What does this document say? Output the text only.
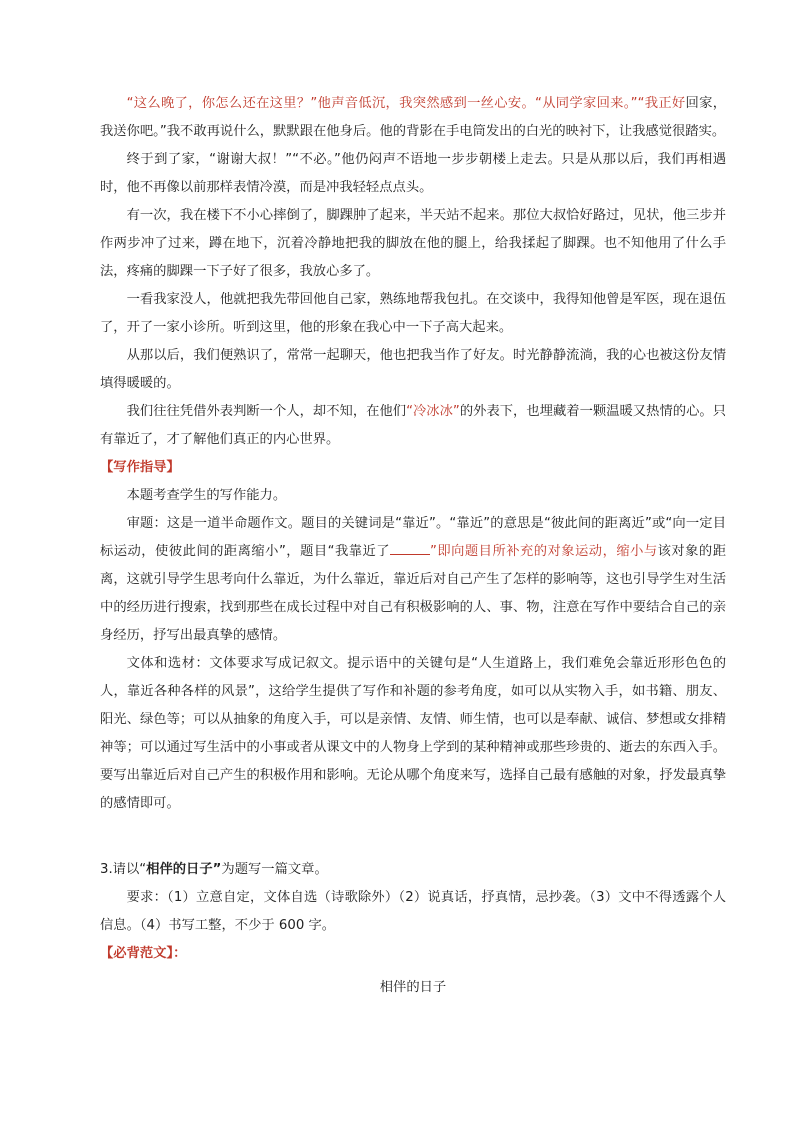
“这么晚了，你怎么还在这里？”他声音低沉，我突然感到一丝心安。“从同学家回来。”“我正好回家，我送你吧。”我不敢再说什么，默默跟在他身后。他的背影在手电筒发出的白光的映衬下，让我感觉很踏实。

终于到了家，“谢谢大叔！”“不必。”他仍闷声不语地一步步朝楼上走去。只是从那以后，我们再相遇时，他不再像以前那样表情冷漠，而是冲我轻轻点点头。

有一次，我在楼下不小心摔倒了，脚踝肿了起来，半天站不起来。那位大叔恰好路过，见状，他三步并作两步冲了过来，蹲在地下，沉着冷静地把我的脚放在他的腿上，给我揉起了脚踝。也不知他用了什么手法，疼痛的脚踝一下子好了很多，我放心多了。

一看我家没人，他就把我先带回他自己家，熟练地帮我包扎。在交谈中，我得知他曾是军医，现在退伍了，开了一家小诊所。听到这里，他的形象在我心中一下子高大起来。

从那以后，我们便熟识了，常常一起聊天，他也把我当作了好友。时光静静流淌，我的心也被这份友情填得暖暖的。

我们往往凭借外表判断一个人，却不知，在他们“冷冰冰”的外表下，也埋藏着一颗温暖又热情的心。只有靠近了，才了解他们真正的内心世界。

【写作指导】

本题考查学生的写作能力。

审题：这是一道半命题作文。题目的关键词是“靠近”。“靠近”的意思是“彼此间的距离近”或“向一定目标运动，使彼此间的距离缩小”，题目“我靠近了	”即向题目所补充的对象运动，缩小与该对象的距离，这就引导学生思考向什么靠近，为什么靠近，靠近后对自己产生了怎样的影响等，这也引导学生对生活中的经历进行搜索，找到那些在成长过程中对自己有积极影响的人、事、物，注意在写作中要结合自己的亲身经历，抒写出最真挚的感情。

文体和选材：文体要求写成记叙文。提示语中的关键句是“人生道路上，我们难免会靠近形形色色的人，靠近各种各样的风景”，这给学生提供了写作和补题的参考角度，如可以从实物入手，如书籍、朋友、阳光、绿色等；可以从抽象的角度入手，可以是亲情、友情、师生情，也可以是奉献、诚信、梦想或女排精神等；可以通过写生活中的小事或者从课文中的人物身上学到的某种精神或那些珍贵的、逝去的东西入手。要写出靠近后对自己产生的积极作用和影响。无论从哪个角度来写，选择自己最有感触的对象，抒发最真挚的感情即可。

3.请以“相伴的日子”为题写一篇文章。

要求：（1）立意自定，文体自选（诗歌除外）（2）说真话，抒真情，忌抄袭。（3）文中不得透露个人信息。（4）书写工整，不少于 600 字。

【必背范文】：

相伴的日子
